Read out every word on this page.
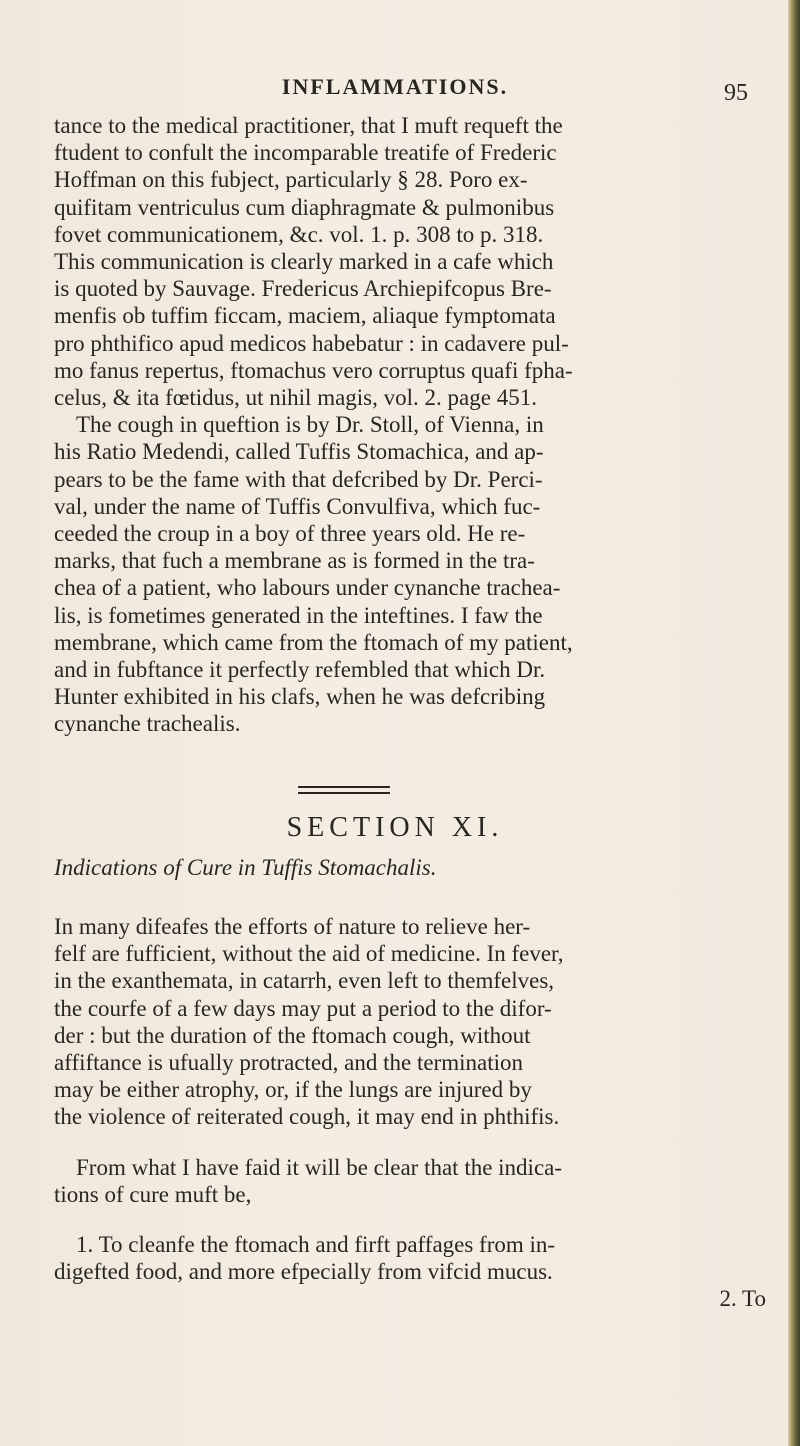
INFLAMMATIONS.	95

tance to the medical practitioner, that I muft requeft the
ftudent to confult the incomparable treatife of Frederic
Hoffman on this fubject, particularly § 28. Poro ex-
quifitam ventriculus cum diaphragmate & pulmonibus
fovet communicationem, &c. vol. 1. p. 308 to p. 318.
This communication is clearly marked in a cafe which
is quoted by Sauvage. Fredericus Archiepifcopus Bre-
menfis ob tuffim ficcam, maciem, aliaque fymptomata
pro phthifico apud medicos habebatur : in cadavere pul-
mo fanus repertus, ftomachus vero corruptus quafi fpha-
celus, & ita fœtidus, ut nihil magis, vol. 2. page 451.

The cough in queftion is by Dr. Stoll, of Vienna, in
his Ratio Medendi, called Tuffis Stomachica, and ap-
pears to be the fame with that defcribed by Dr. Perci-
val, under the name of Tuffis Convulfiva, which fuc-
ceeded the croup in a boy of three years old. He re-
marks, that fuch a membrane as is formed in the tra-
chea of a patient, who labours under cynanche trachea-
lis, is fometimes generated in the inteftines. I faw the
membrane, which came from the ftomach of my patient,
and in fubftance it perfectly refembled that which Dr.
Hunter exhibited in his clafs, when he was defcribing
cynanche trachealis.

SECTION XI.
Indications of Cure in Tuffis Stomachalis.

In many difeafes the efforts of nature to relieve her-
felf are fufficient, without the aid of medicine. In fever,
in the exanthemata, in catarrh, even left to themfelves,
the courfe of a few days may put a period to the difor-
der : but the duration of the ftomach cough, without
affiftance is ufually protracted, and the termination
may be either atrophy, or, if the lungs are injured by
the violence of reiterated cough, it may end in phthifis.

From what I have faid it will be clear that the indica-
tions of cure muft be,

1. To cleanfe the ftomach and firft paffages from in-
digefted food, and more efpecially from vifcid mucus.
2. To
